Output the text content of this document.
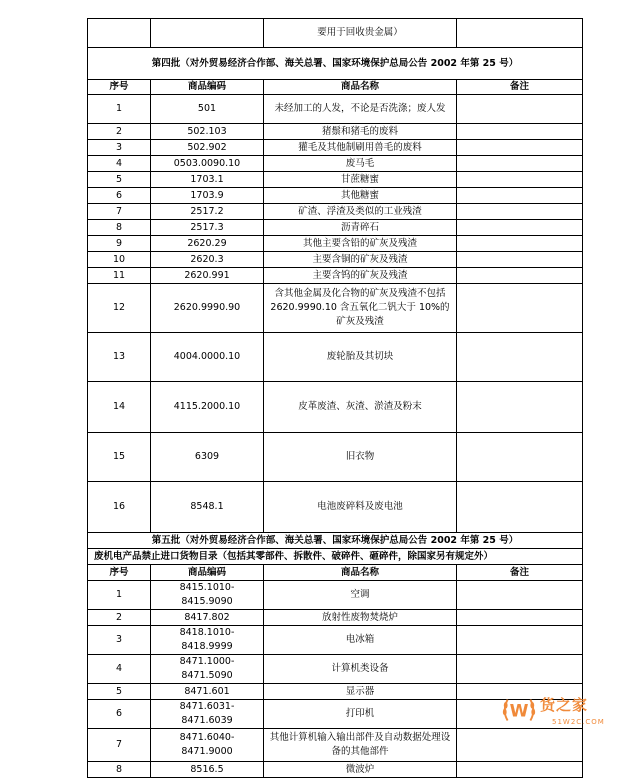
		要用于回收贵金属）	
第四批（对外贸易经济合作部、海关总署、国家环境保护总局公告 2002 年第 25 号）			
序号	商品编码	商品名称	备注
1	501	未经加工的人发，不论是否洗涤；废人发	
2	502.103	猪鬃和猪毛的废料	
3	502.902	獾毛及其他制刷用兽毛的废料	
4	0503.0090.10	废马毛	
5	1703.1	甘蔗糖蜜	
6	1703.9	其他糖蜜	
7	2517.2	矿渣、浮渣及类似的工业残渣	
8	2517.3	沥青碎石	
9	2620.29	其他主要含铅的矿灰及残渣	
10	2620.3	主要含铜的矿灰及残渣	
11	2620.991	主要含钨的矿灰及残渣	
12	2620.9990.90	含其他金属及化合物的矿灰及残渣不包括 2620.9990.10 含五氧化二钒大于 10%的矿灰及残渣	
13	4004.0000.10	废轮胎及其切块	
14	4115.2000.10	皮革废渣、灰渣、淤渣及粉末	
15	6309	旧衣物	
16	8548.1	电池废碎料及废电池	
第五批（对外贸易经济合作部、海关总署、国家环境保护总局公告 2002 年第 25 号）			
废机电产品禁止进口货物目录（包括其零部件、拆散件、破碎件、砸碎件，除国家另有规定外）			
序号	商品编码	商品名称	备注
1	8415.1010-8415.9090	空调	
2	8417.802	放射性废物焚烧炉	
3	8418.1010-8418.9999	电冰箱	
4	8471.1000-8471.5090	计算机类设备	
5	8471.601	显示器	
6	8471.6031-8471.6039	打印机	
7	8471.6040-8471.9000	其他计算机输入输出部件及自动数据处理设备的其他部件	
8	8516.5	微波炉	
W 货之家
51W2C.COM
